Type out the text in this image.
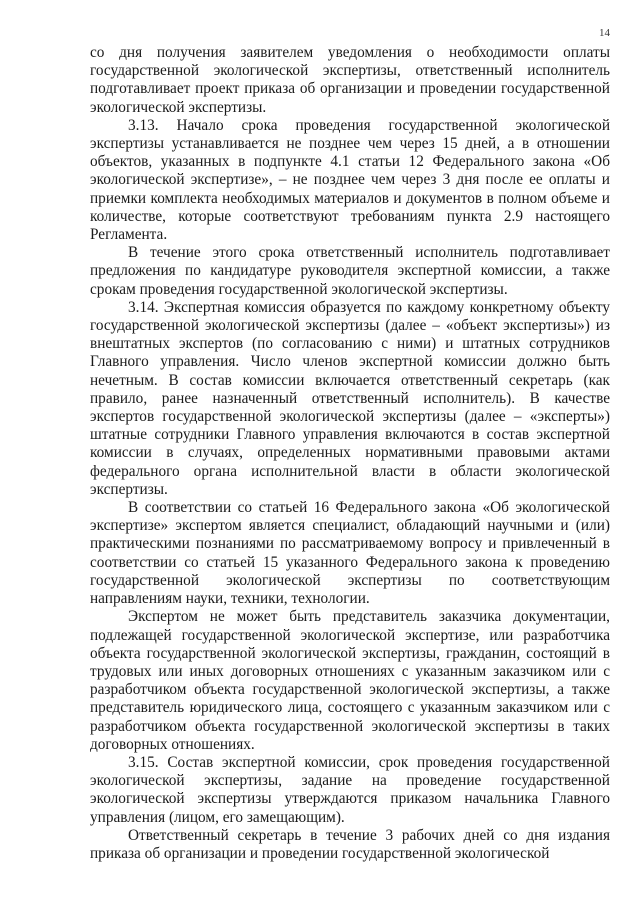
14

со дня получения заявителем уведомления о необходимости оплаты государственной экологической экспертизы, ответственный исполнитель подготавливает проект приказа об организации и проведении государственной экологической экспертизы.

3.13. Начало срока проведения государственной экологической экспертизы устанавливается не позднее чем через 15 дней, а в отношении объектов, указанных в подпункте 4.1 статьи 12 Федерального закона «Об экологической экспертизе», – не позднее чем через 3 дня после ее оплаты и приемки комплекта необходимых материалов и документов в полном объеме и количестве, которые соответствуют требованиям пункта 2.9 настоящего Регламента.

В течение этого срока ответственный исполнитель подготавливает предложения по кандидатуре руководителя экспертной комиссии, а также срокам проведения государственной экологической экспертизы.

3.14. Экспертная комиссия образуется по каждому конкретному объекту государственной экологической экспертизы (далее – «объект экспертизы») из внештатных экспертов (по согласованию с ними) и штатных сотрудников Главного управления. Число членов экспертной комиссии должно быть нечетным. В состав комиссии включается ответственный секретарь (как правило, ранее назначенный ответственный исполнитель). В качестве экспертов государственной экологической экспертизы (далее – «эксперты») штатные сотрудники Главного управления включаются в состав экспертной комиссии в случаях, определенных нормативными правовыми актами федерального органа исполнительной власти в области экологической экспертизы.

В соответствии со статьей 16 Федерального закона «Об экологической экспертизе» экспертом является специалист, обладающий научными и (или) практическими познаниями по рассматриваемому вопросу и привлеченный в соответствии со статьей 15 указанного Федерального закона к проведению государственной экологической экспертизы по соответствующим направлениям науки, техники, технологии.

Экспертом не может быть представитель заказчика документации, подлежащей государственной экологической экспертизе, или разработчика объекта государственной экологической экспертизы, гражданин, состоящий в трудовых или иных договорных отношениях с указанным заказчиком или с разработчиком объекта государственной экологической экспертизы, а также представитель юридического лица, состоящего с указанным заказчиком или с разработчиком объекта государственной экологической экспертизы в таких договорных отношениях.

3.15. Состав экспертной комиссии, срок проведения государственной экологической экспертизы, задание на проведение государственной экологической экспертизы утверждаются приказом начальника Главного управления (лицом, его замещающим).

Ответственный секретарь в течение 3 рабочих дней со дня издания приказа об организации и проведении государственной экологической
